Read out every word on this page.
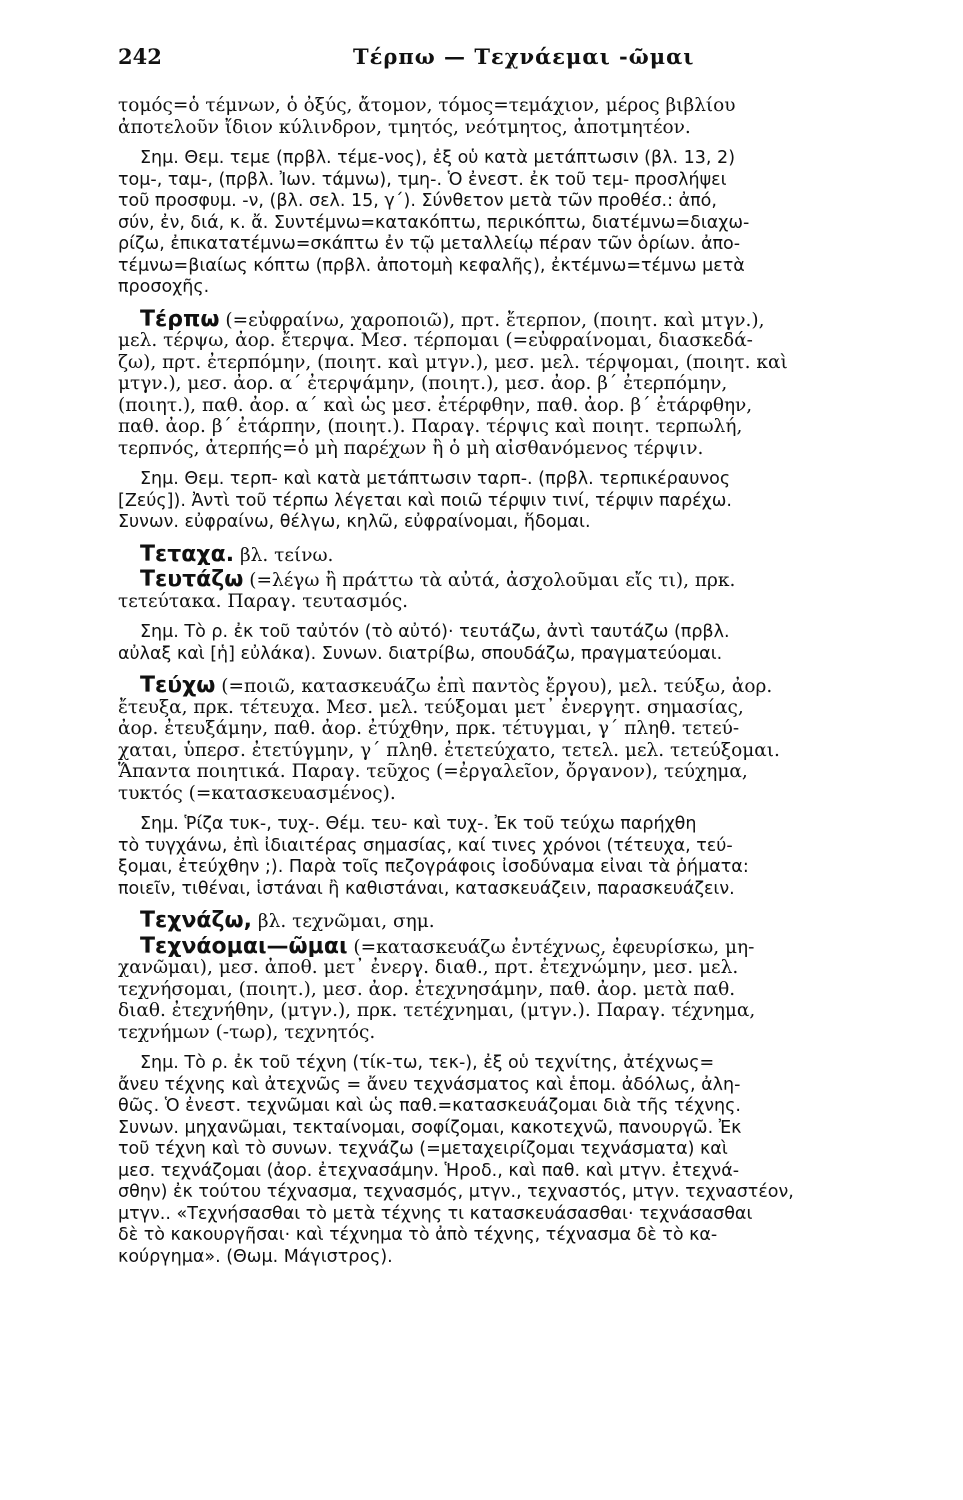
242	Τέρπω — Τεχνάεμαι -ῶμαι
τομός=ὁ τέμνων, ὁ ὀξύς, ἄτομον, τόμος=τεμάχιον, μέρος βιβλίου
ἀποτελοῦν ἴδιον κύλινδρον, τμητός, νεότμητος, ἀποτμητέον.
Σημ. Θεμ. τεμε (πρβλ. τέμε-νος), ἐξ οὗ κατὰ μετάπτωσιν (βλ. 13, 2)
τομ-, ταμ-, (πρβλ. Ἰων. τάμνω), τμη-. Ὁ ἐνεστ. ἐκ τοῦ τεμ- προσλήψει
τοῦ προσφυμ. -ν, (βλ. σελ. 15, γ΄). Σύνθετον μετὰ τῶν προθέσ.: ἀπό,
σύν, ἐν, διά, κ. ἄ. Συντέμνω=κατακόπτω, περικόπτω, διατέμνω=διαχω-
ρίζω, ἐπικατατέμνω=σκάπτω ἐν τῷ μεταλλείῳ πέραν τῶν ὁρίων. ἀπο-
τέμνω=βιαίως κόπτω (πρβλ. ἀποτομὴ κεφαλῆς), ἐκτέμνω=τέμνω μετὰ
προσοχῆς.
Τέρπω (=εὐφραίνω, χαροποιῶ), πρτ. ἔτερπον, (ποιητ. καὶ μτγν.),
μελ. τέρψω, ἀορ. ἔτερψα. Μεσ. τέρπομαι (=εὐφραίνομαι, διασκεδά-
ζω), πρτ. ἐτερπόμην, (ποιητ. καὶ μτγν.), μεσ. μελ. τέρψομαι, (ποιητ. καὶ
μτγν.), μεσ. ἀορ. α΄ ἐτερψάμην, (ποιητ.), μεσ. ἀορ. β΄ ἐτερπόμην,
(ποιητ.), παθ. ἀορ. α΄ καὶ ὡς μεσ. ἐτέρφθην, παθ. ἀορ. β΄ ἐτάρφθην,
παθ. ἀορ. β΄ ἐτάρπην, (ποιητ.). Παραγ. τέρψις καὶ ποιητ. τερπωλή,
τερπνός, ἀτερπής=ὁ μὴ παρέχων ἢ ὁ μὴ αἰσθανόμενος τέρψιν.
Σημ. Θεμ. τερπ- καὶ κατὰ μετάπτωσιν ταρπ-. (πρβλ. τερπικέραυνος
[Ζεύς]). Ἀντὶ τοῦ τέρπω λέγεται καὶ ποιῶ τέρψιν τινί, τέρψιν παρέχω.
Συνων. εὐφραίνω, θέλγω, κηλῶ, εὐφραίνομαι, ἥδομαι.
Τεταχα. βλ. τείνω.
Τευτάζω (=λέγω ἢ πράττω τὰ αὐτά, ἀσχολοῦμαι εἴς τι), πρκ.
τετεύτακα. Παραγ. τευτασμός.
Σημ. Τὸ ρ. ἐκ τοῦ ταὐτόν (τὸ αὐτό)· τευτάζω, ἀντὶ ταυτάζω (πρβλ.
αὖλαξ καὶ [ἡ] εὐλάκα). Συνων. διατρίβω, σπουδάζω, πραγματεύομαι.
Τεύχω (=ποιῶ, κατασκευάζω ἐπὶ παντὸς ἔργου), μελ. τεύξω, ἀορ.
ἔτευξα, πρκ. τέτευχα. Μεσ. μελ. τεύξομαι μετ᾿ ἐνεργητ. σημασίας,
ἀορ. ἐτευξάμην, παθ. ἀορ. ἐτύχθην, πρκ. τέτυγμαι, γ΄ πληθ. τετεύ-
χαται, ὑπερσ. ἐτετύγμην, γ΄ πληθ. ἐτετεύχατο, τετελ. μελ. τετεύξομαι.
Ἅπαντα ποιητικά. Παραγ. τεῦχος (=ἐργαλεῖον, ὄργανον), τεύχημα,
τυκτός (=κατασκευασμένος).
Σημ. Ῥίζα τυκ-, τυχ-. Θέμ. τευ- καὶ τυχ-. Ἐκ τοῦ τεύχω παρήχθη
τὸ τυγχάνω, ἐπὶ ἰδιαιτέρας σημασίας, καί τινες χρόνοι (τέτευχα, τεύ-
ξομαι, ἐτεύχθην ;). Παρὰ τοῖς πεζογράφοις ἰσοδύναμα εἶναι τὰ ῥήματα:
ποιεῖν, τιθέναι, ἱστάναι ἢ καθιστάναι, κατασκευάζειν, παρασκευάζειν.
Τεχνάζω, βλ. τεχνῶμαι, σημ.
Τεχνάομαι—ῶμαι (=κατασκευάζω ἐντέχνως, ἐφευρίσκω, μη-
χανῶμαι), μεσ. ἀποθ. μετ᾿ ἐνεργ. διαθ., πρτ. ἐτεχνώμην, μεσ. μελ.
τεχνήσομαι, (ποιητ.), μεσ. ἀορ. ἐτεχνησάμην, παθ. ἀορ. μετὰ παθ.
διαθ. ἐτεχνήθην, (μτγν.), πρκ. τετέχνημαι, (μτγν.). Παραγ. τέχνημα,
τεχνήμων (-τωρ), τεχνητός.
Σημ. Τὸ ρ. ἐκ τοῦ τέχνη (τίκ-τω, τεκ-), ἐξ οὗ τεχνίτης, ἀτέχνως=
ἄνευ τέχνης καὶ ἀτεχνῶς = ἄνευ τεχνάσματος καὶ ἑπομ. ἀδόλως, ἀλη-
θῶς. Ὁ ἐνεστ. τεχνῶμαι καὶ ὡς παθ.=κατασκευάζομαι διὰ τῆς τέχνης.
Συνων. μηχανῶμαι, τεκταίνομαι, σοφίζομαι, κακοτεχνῶ, πανουργῶ. Ἐκ
τοῦ τέχνη καὶ τὸ συνων. τεχνάζω (=μεταχειρίζομαι τεχνάσματα) καὶ
μεσ. τεχνάζομαι (ἀορ. ἐτεχνασάμην. Ἡροδ., καὶ παθ. καὶ μτγν. ἐτεχνά-
σθην) ἐκ τούτου τέχνασμα, τεχνασμός, μτγν., τεχναστός, μτγν. τεχναστέον,
μτγν.. «Τεχνήσασθαι τὸ μετὰ τέχνης τι κατασκευάσασθαι· τεχνάσασθαι
δὲ τὸ κακουργῆσαι· καὶ τέχνημα τὸ ἀπὸ τέχνης, τέχνασμα δὲ τὸ κα-
κούργημα». (Θωμ. Μάγιστρος).
